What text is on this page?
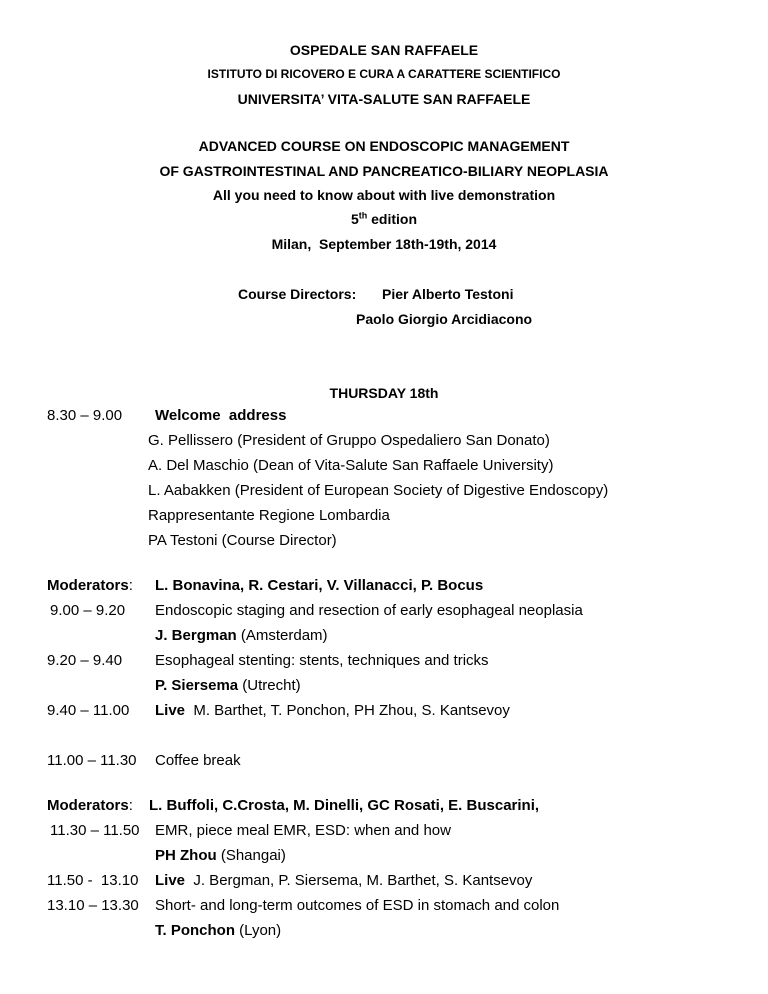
OSPEDALE SAN RAFFAELE
ISTITUTO DI RICOVERO E CURA A CARATTERE SCIENTIFICO
UNIVERSITA’ VITA-SALUTE SAN RAFFAELE
ADVANCED COURSE ON ENDOSCOPIC MANAGEMENT
OF GASTROINTESTINAL AND PANCREATICO-BILIARY NEOPLASIA
All you need to know about with live demonstration
5th edition
Milan,  September 18th-19th, 2014
Course Directors: Pier Alberto Testoni
Paolo Giorgio Arcidiacono
THURSDAY 18th
8.30 – 9.00 Welcome  address
G. Pellissero (President of Gruppo Ospedaliero San Donato)
A. Del Maschio (Dean of Vita-Salute San Raffaele University)
L. Aabakken (President of European Society of Digestive Endoscopy)
Rappresentante Regione Lombardia
PA Testoni (Course Director)
Moderators: L. Bonavina, R. Cestari, V. Villanacci, P. Bocus
9.00 – 9.20 Endoscopic staging and resection of early esophageal neoplasia
J. Bergman (Amsterdam)
9.20 – 9.40 Esophageal stenting: stents, techniques and tricks
P. Siersema (Utrecht)
9.40 – 11.00 Live  M. Barthet, T. Ponchon, PH Zhou, S. Kantsevoy
11.00 – 11.30 Coffee break
Moderators: L. Buffoli, C.Crosta, M. Dinelli, GC Rosati, E. Buscarini,
11.30 – 11.50 EMR, piece meal EMR, ESD: when and how
PH Zhou (Shangai)
11.50 -  13.10 Live  J. Bergman, P. Siersema, M. Barthet, S. Kantsevoy
13.10 – 13.30 Short- and long-term outcomes of ESD in stomach and colon
T. Ponchon (Lyon)
